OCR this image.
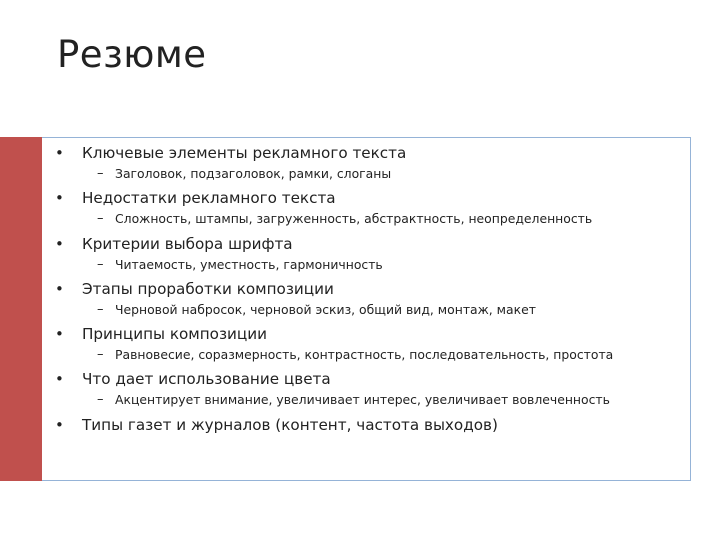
Резюме
• Ключевые элементы рекламного текста
– Заголовок, подзаголовок, рамки, слоганы
• Недостатки рекламного текста
– Сложность, штампы, загруженность, абстрактность, неопределенность
• Критерии выбора шрифта
– Читаемость, уместность, гармоничность
• Этапы проработки композиции
– Черновой набросок, черновой эскиз, общий вид, монтаж, макет
• Принципы композиции
– Равновесие, соразмерность, контрастность, последовательность, простота
• Что дает использование цвета
– Акцентирует внимание, увеличивает интерес, увеличивает вовлеченность
• Типы газет и журналов (контент, частота выходов)
